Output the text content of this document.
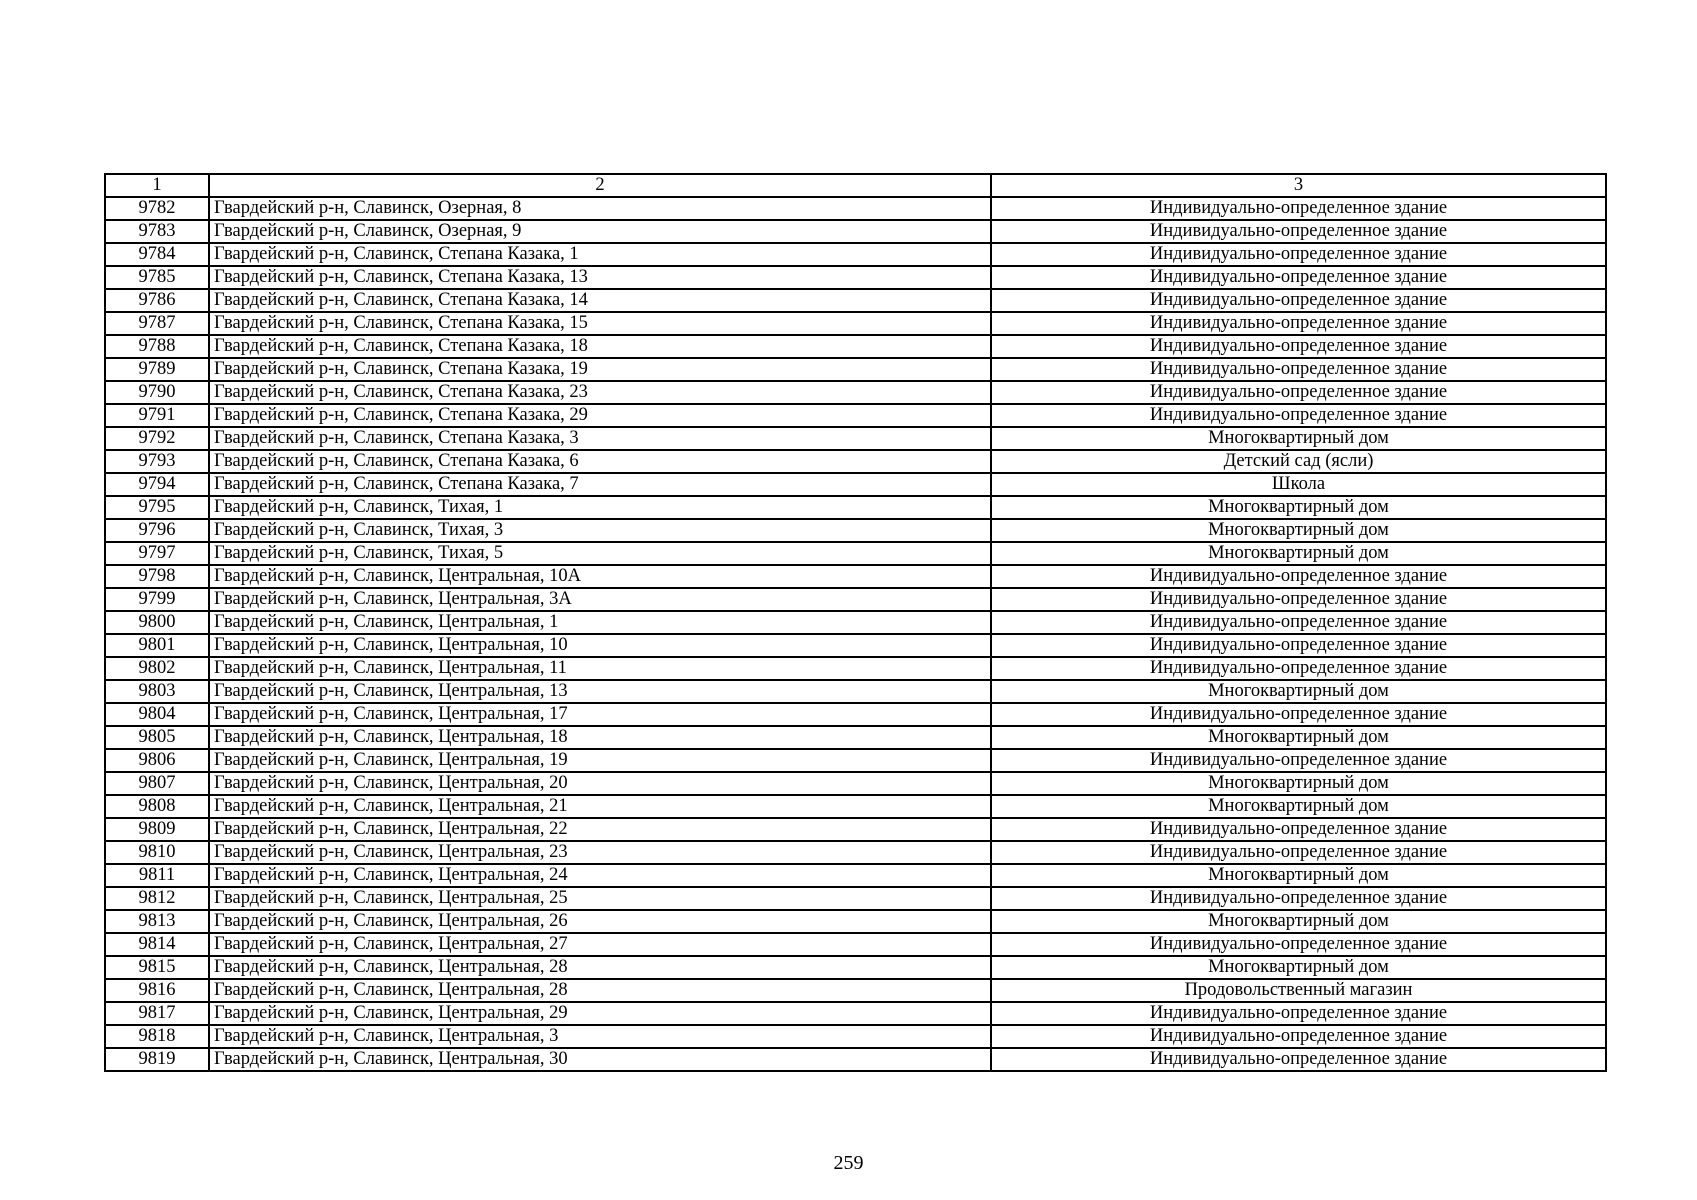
1	2	3
9782	Гвардейский р-н, Славинск, Озерная, 8	Индивидуально-определенное здание
9783	Гвардейский р-н, Славинск, Озерная, 9	Индивидуально-определенное здание
9784	Гвардейский р-н, Славинск, Степана Казака, 1	Индивидуально-определенное здание
9785	Гвардейский р-н, Славинск, Степана Казака, 13	Индивидуально-определенное здание
9786	Гвардейский р-н, Славинск, Степана Казака, 14	Индивидуально-определенное здание
9787	Гвардейский р-н, Славинск, Степана Казака, 15	Индивидуально-определенное здание
9788	Гвардейский р-н, Славинск, Степана Казака, 18	Индивидуально-определенное здание
9789	Гвардейский р-н, Славинск, Степана Казака, 19	Индивидуально-определенное здание
9790	Гвардейский р-н, Славинск, Степана Казака, 23	Индивидуально-определенное здание
9791	Гвардейский р-н, Славинск, Степана Казака, 29	Индивидуально-определенное здание
9792	Гвардейский р-н, Славинск, Степана Казака, 3	Многоквартирный дом
9793	Гвардейский р-н, Славинск, Степана Казака, 6	Детский сад (ясли)
9794	Гвардейский р-н, Славинск, Степана Казака, 7	Школа
9795	Гвардейский р-н, Славинск, Тихая, 1	Многоквартирный дом
9796	Гвардейский р-н, Славинск, Тихая, 3	Многоквартирный дом
9797	Гвардейский р-н, Славинск, Тихая, 5	Многоквартирный дом
9798	Гвардейский р-н, Славинск, Центральная, 10А	Индивидуально-определенное здание
9799	Гвардейский р-н, Славинск, Центральная, 3А	Индивидуально-определенное здание
9800	Гвардейский р-н, Славинск, Центральная, 1	Индивидуально-определенное здание
9801	Гвардейский р-н, Славинск, Центральная, 10	Индивидуально-определенное здание
9802	Гвардейский р-н, Славинск, Центральная, 11	Индивидуально-определенное здание
9803	Гвардейский р-н, Славинск, Центральная, 13	Многоквартирный дом
9804	Гвардейский р-н, Славинск, Центральная, 17	Индивидуально-определенное здание
9805	Гвардейский р-н, Славинск, Центральная, 18	Многоквартирный дом
9806	Гвардейский р-н, Славинск, Центральная, 19	Индивидуально-определенное здание
9807	Гвардейский р-н, Славинск, Центральная, 20	Многоквартирный дом
9808	Гвардейский р-н, Славинск, Центральная, 21	Многоквартирный дом
9809	Гвардейский р-н, Славинск, Центральная, 22	Индивидуально-определенное здание
9810	Гвардейский р-н, Славинск, Центральная, 23	Индивидуально-определенное здание
9811	Гвардейский р-н, Славинск, Центральная, 24	Многоквартирный дом
9812	Гвардейский р-н, Славинск, Центральная, 25	Индивидуально-определенное здание
9813	Гвардейский р-н, Славинск, Центральная, 26	Многоквартирный дом
9814	Гвардейский р-н, Славинск, Центральная, 27	Индивидуально-определенное здание
9815	Гвардейский р-н, Славинск, Центральная, 28	Многоквартирный дом
9816	Гвардейский р-н, Славинск, Центральная, 28	Продовольственный магазин
9817	Гвардейский р-н, Славинск, Центральная, 29	Индивидуально-определенное здание
9818	Гвардейский р-н, Славинск, Центральная, 3	Индивидуально-определенное здание
9819	Гвардейский р-н, Славинск, Центральная, 30	Индивидуально-определенное здание
259
